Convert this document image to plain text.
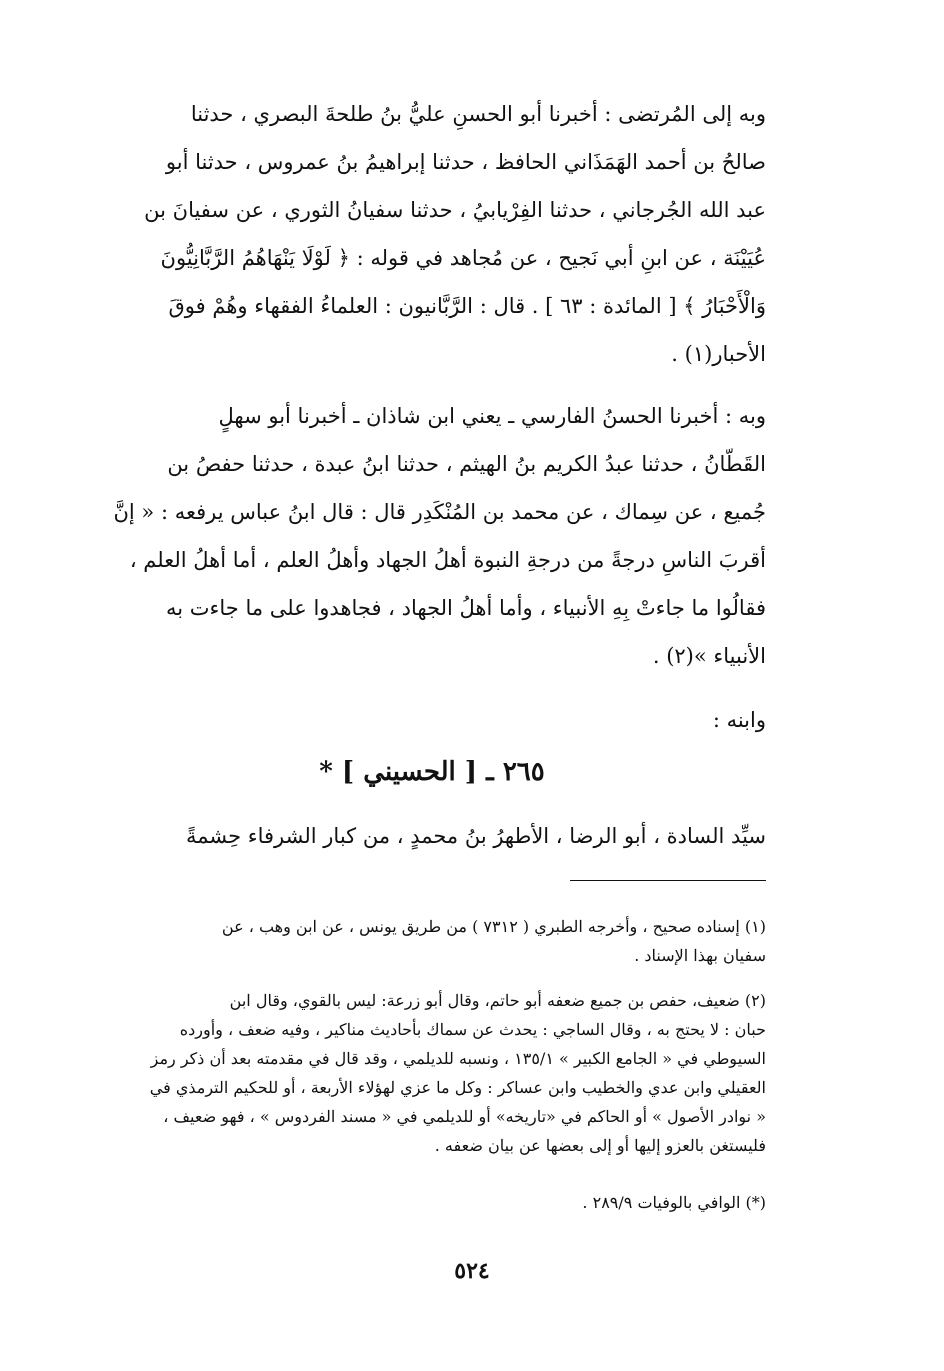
وبه إلى المُرتضى : أخبرنا أبو الحسنِ عليُّ بنُ طلحةَ البصري ، حدثنا
صالحُ بن أحمد الهَمَذَاني الحافظ ، حدثنا إبراهيمُ بنُ عمروس ، حدثنا أبو
عبد الله الجُرجاني ، حدثنا الفِرْيابيُ ، حدثنا سفيانُ الثوري ، عن سفيانَ بن
عُيَيْنَة ، عن ابنِ أبي نَجيح ، عن مُجاهد في قوله : ﴿ لَوْلَا يَنْهَاهُمُ الرَّبَّانِيُّونَ
وَالْأَحْبَارُ ﴾ [ المائدة : ٦٣ ] . قال : الرَّبَّانيون : العلماءُ الفقهاء وهُمْ فوقَ
الأحبار(١) .
وبه : أخبرنا الحسنُ الفارسي ـ يعني ابن شاذان ـ أخبرنا أبو سهلٍ
القَطّانُ ، حدثنا عبدُ الكريم بنُ الهيثم ، حدثنا ابنُ عبدة ، حدثنا حفصُ بن
جُميع ، عن سِماك ، عن محمد بن المُنْكَدِر قال : قال ابنُ عباس يرفعه : « إنَّ
أقربَ الناسِ درجةً من درجةِ النبوة أهلُ الجهاد وأهلُ العلم ، أما أهلُ العلم ،
فقالُوا ما جاءتْ بِهِ الأنبياء ، وأما أهلُ الجهاد ، فجاهدوا على ما جاءت به
الأنبياء »(٢) .
وابنه :
٢٦٥ ـ [ الحسيني ] *
سيِّد السادة ، أبو الرضا ، الأطهرُ بنُ محمدٍ ، من كبار الشرفاء حِشمةً
(١) إسناده صحيح ، وأخرجه الطبري ( ٧٣١٢ ) من طريق يونس ، عن ابن وهب ، عن
سفيان بهذا الإسناد .
(٢) ضعيف، حفص بن جميع ضعفه أبو حاتم، وقال أبو زرعة: ليس بالقوي، وقال ابن
حبان : لا يحتج به ، وقال الساجي : يحدث عن سماك بأحاديث مناكير ، وفيه ضعف ، وأورده
السيوطي في « الجامع الكبير » ١٣٥/١ ، ونسبه للديلمي ، وقد قال في مقدمته بعد أن ذكر رمز
العقيلي وابن عدي والخطيب وابن عساكر : وكل ما عزي لهؤلاء الأربعة ، أو للحكيم الترمذي في
« نوادر الأصول » أو الحاكم في «تاريخه» أو للديلمي في « مسند الفردوس » ، فهو ضعيف ،
فليستغن بالعزو إليها أو إلى بعضها عن بيان ضعفه .
(*) الوافي بالوفيات ٢٨٩/٩ .
٥٢٤
